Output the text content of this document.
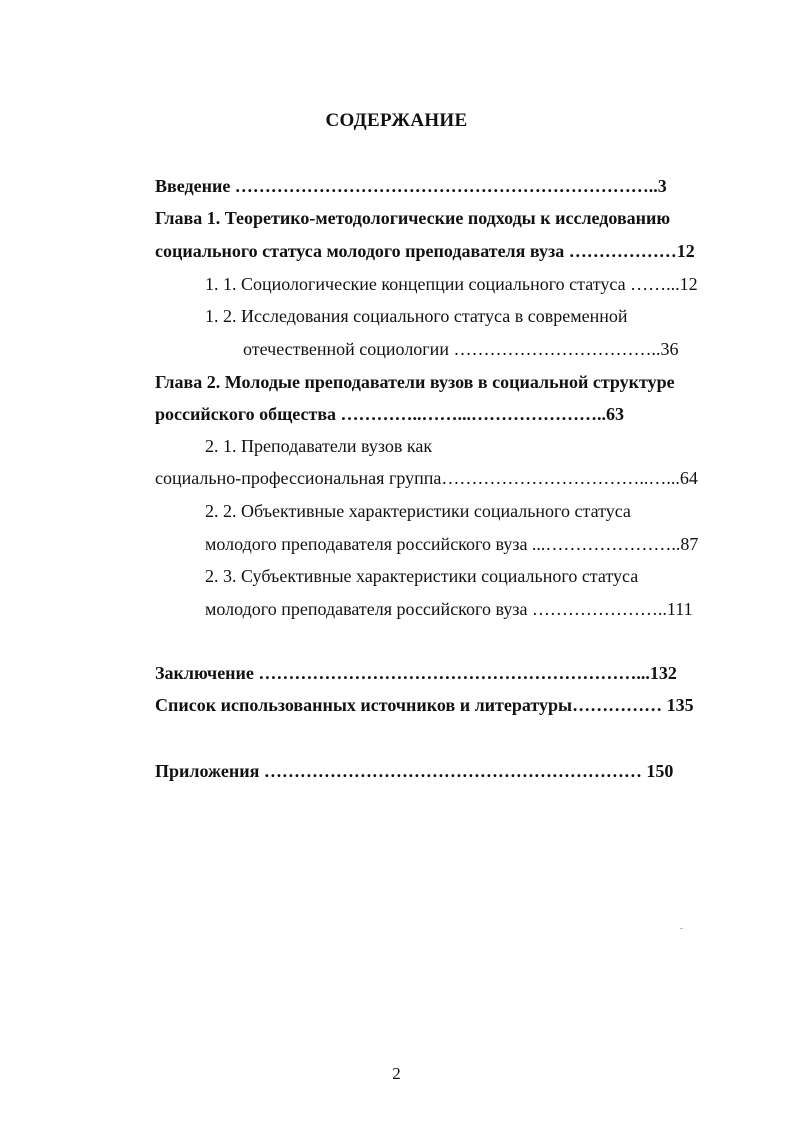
СОДЕРЖАНИЕ
Введение ……………………………………………………………..3
Глава 1. Теоретико-методологические подходы к исследованию
социального статуса молодого преподавателя вуза ………………12
1. 1. Социологические концепции социального статуса ……...12
1. 2. Исследования социального статуса в современной
отечественной социологии ……………………………..36
Глава 2. Молодые преподаватели вузов в социальной структуре
российского общества …………..……...…………………..63
2. 1. Преподаватели вузов как
социально-профессиональная группа……………………………..…...64
2. 2. Объективные характеристики социального статуса
молодого преподавателя российского вуза ...…………………..87
2. 3. Субъективные характеристики социального статуса
молодого преподавателя российского вуза …………………..111
Заключение ………………………………………………………...132
Список использованных источников и литературы…………… 135
Приложения ……………………………………………………… 150
2
